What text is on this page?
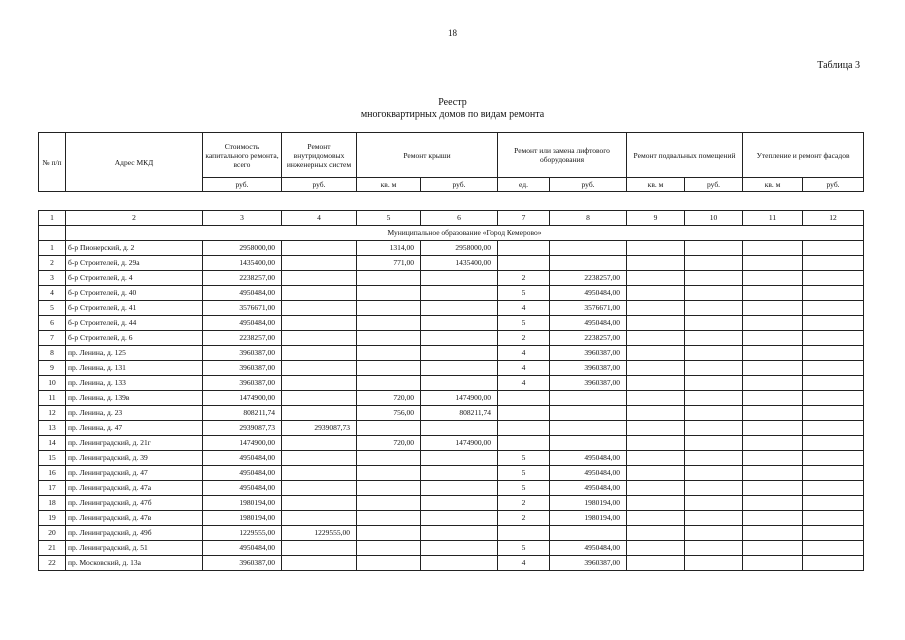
18
Таблица 3
Реестр
многоквартирных домов по видам ремонта
№ п/п	Адрес МКД	Стоимость капитального ремонта, всего	Ремонт внутридомовых инженерных систем	Ремонт крыши		Ремонт или замена лифтового оборудования		Ремонт подвальных помещений		Утепление и ремонт фасадов	
		руб.	руб.	кв. м	руб.	ед.	руб.	кв. м	руб.	кв. м	руб.
1	2	3	4	5	6	7	8	9	10	11	12
	Муниципальное образование «Город Кемерово»										
1	б-р Пионерский, д. 2	2958000,00		1314,00	2958000,00						
2	б-р Строителей, д. 29а	1435400,00		771,00	1435400,00						
3	б-р Строителей, д. 4	2238257,00				2	2238257,00				
4	б-р Строителей, д. 40	4950484,00				5	4950484,00				
5	б-р Строителей, д. 41	3576671,00				4	3576671,00				
6	б-р Строителей, д. 44	4950484,00				5	4950484,00				
7	б-р Строителей, д. 6	2238257,00				2	2238257,00				
8	пр. Ленина, д. 125	3960387,00				4	3960387,00				
9	пр. Ленина, д. 131	3960387,00				4	3960387,00				
10	пр. Ленина, д. 133	3960387,00				4	3960387,00				
11	пр. Ленина, д. 139в	1474900,00		720,00	1474900,00						
12	пр. Ленина, д. 23	808211,74		756,00	808211,74						
13	пр. Ленина, д. 47	2939087,73	2939087,73								
14	пр. Ленинградский, д. 21г	1474900,00		720,00	1474900,00						
15	пр. Ленинградский, д. 39	4950484,00				5	4950484,00				
16	пр. Ленинградский, д. 47	4950484,00				5	4950484,00				
17	пр. Ленинградский, д. 47а	4950484,00				5	4950484,00				
18	пр. Ленинградский, д. 47б	1980194,00				2	1980194,00				
19	пр. Ленинградский, д. 47в	1980194,00				2	1980194,00				
20	пр. Ленинградский, д. 49б	1229555,00	1229555,00								
21	пр. Ленинградский, д. 51	4950484,00				5	4950484,00				
22	пр. Московский, д. 13а	3960387,00				4	3960387,00				
